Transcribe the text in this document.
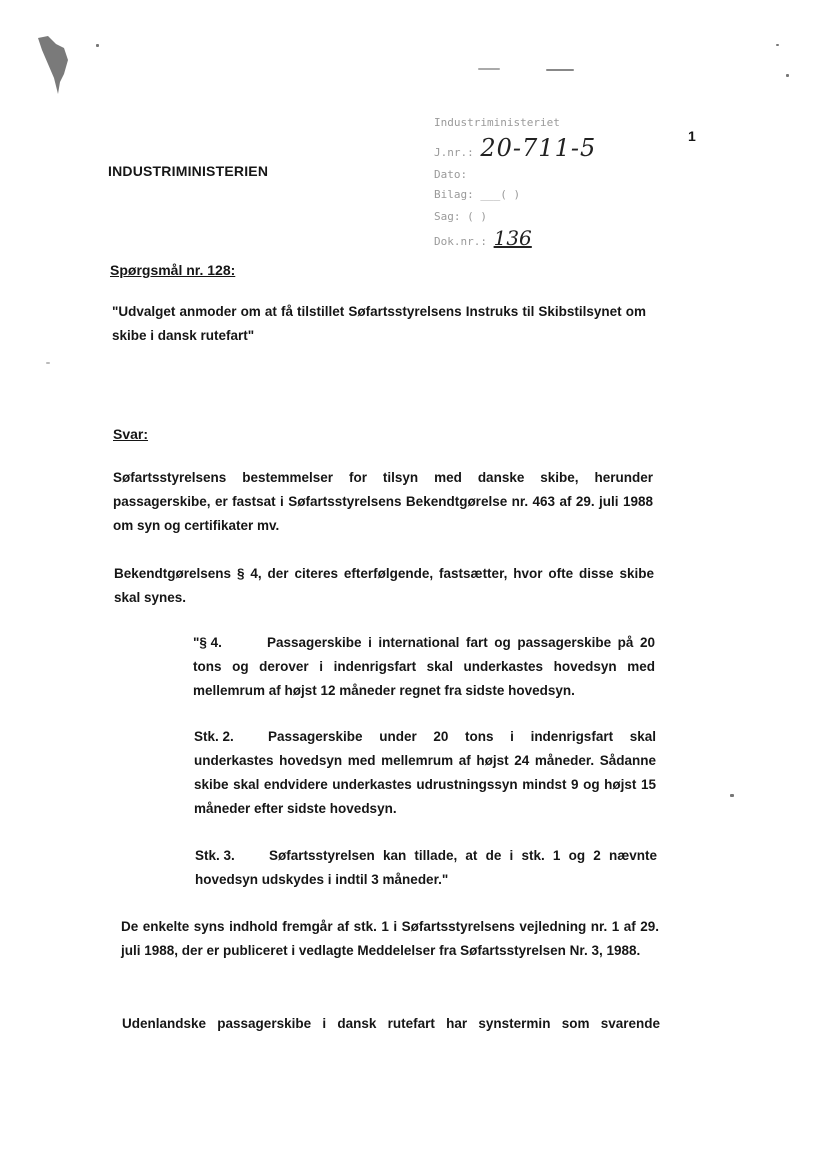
1
INDUSTRIMINISTERIEN
Industriministeriet
J.nr.: 20-711-5
Dato:
Bilag: ___( )
Sag: ( )
Dok.nr.: 136
Spørgsmål nr. 128:
"Udvalget anmoder om at få tilstillet Søfartsstyrelsens Instruks til Skibstilsynet om skibe i dansk rutefart"
Svar:
Søfartsstyrelsens bestemmelser for tilsyn med danske skibe, herunder passagerskibe, er fastsat i Søfartsstyrelsens Bekendtgørelse nr. 463 af 29. juli 1988 om syn og certifikater mv.
Bekendtgørelsens § 4, der citeres efterfølgende, fastsætter, hvor ofte disse skibe skal synes.
"§ 4.	Passagerskibe i international fart og passagerskibe på 20 tons og derover i indenrigsfart skal underkastes hovedsyn med mellemrum af højst 12 måneder regnet fra sidste hovedsyn.
Stk. 2.	Passagerskibe under 20 tons i indenrigsfart skal underkastes hovedsyn med mellemrum af højst 24 måneder. Sådanne skibe skal endvidere underkastes udrustningssyn mindst 9 og højst 15 måneder efter sidste hovedsyn.
Stk. 3.	Søfartsstyrelsen kan tillade, at de i stk. 1 og 2 nævnte hovedsyn udskydes i indtil 3 måneder."
De enkelte syns indhold fremgår af stk. 1 i Søfartsstyrelsens vejledning nr. 1 af 29. juli 1988, der er publiceret i vedlagte Meddelelser fra Søfartsstyrelsen Nr. 3, 1988.
Udenlandske passagerskibe i dansk rutefart har synstermin som svarende
